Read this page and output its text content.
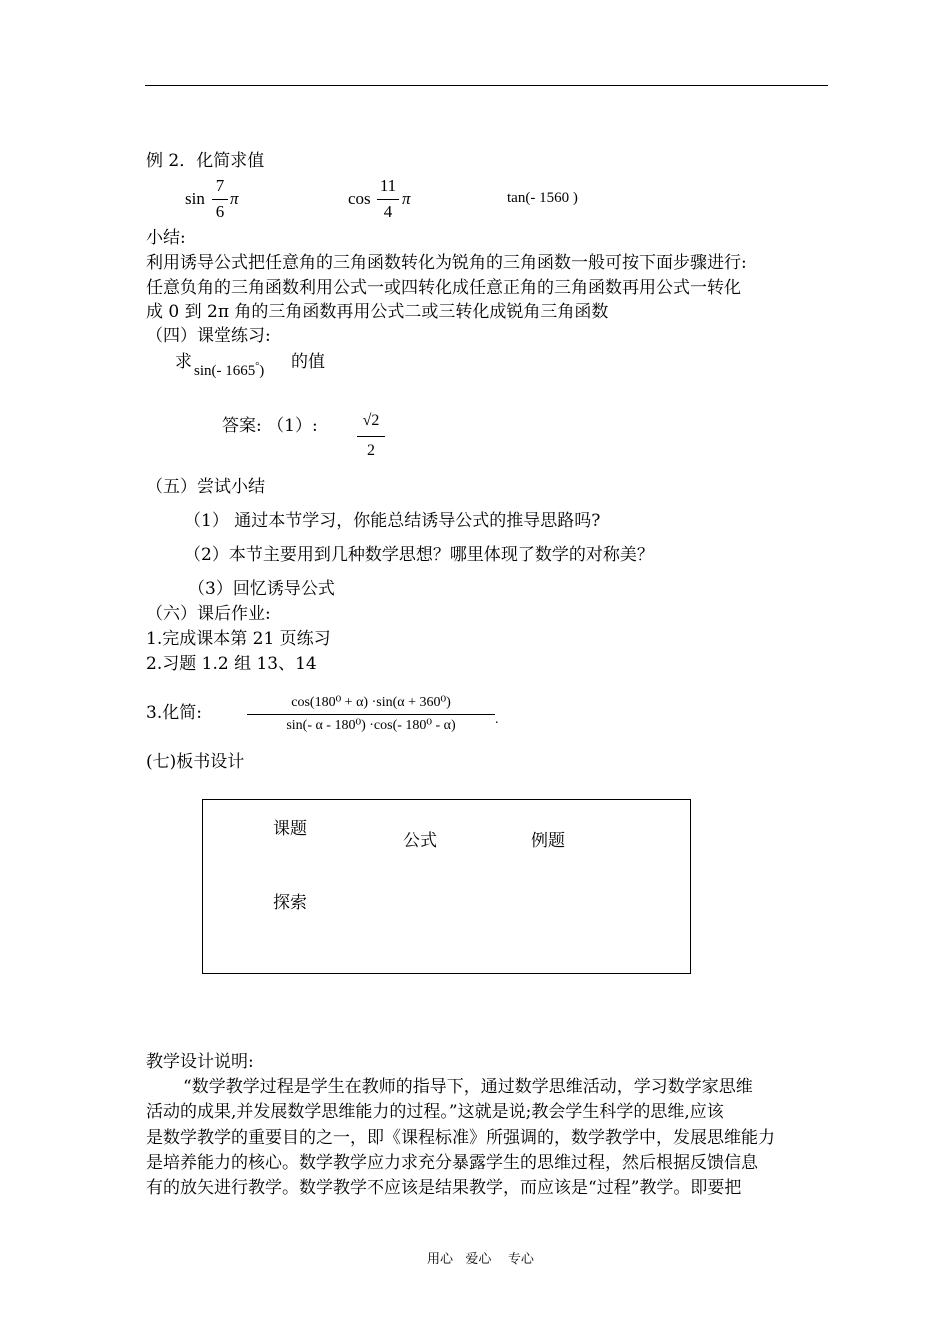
例 2．化简求值
sin
7
6
π	cos
11
4
π	tan(- 1560 )
小结:
利用诱导公式把任意角的三角函数转化为锐角的三角函数一般可按下面步骤进行:
任意负角的三角函数利用公式一或四转化成任意正角的三角函数再用公式一转化
成 0 到 2π 角的三角函数再用公式二或三转化成锐角三角函数
（四）课堂练习:
求 sin(- 1665°) 的值
答案: （1）:	√2
2
（五）尝试小结
（1） 通过本节学习，你能总结诱导公式的推导思路吗?
（2）本节主要用到几种数学思想？哪里体现了数学的对称美？
（3）回忆诱导公式
（六）课后作业:
1.完成课本第 21 页练习
2.习题 1.2 组 13、14
3.化简:
cos(180⁰ + α) ·sin(α + 360⁰)
sin(- α - 180⁰) ·cos(- 180⁰ - α)	.
(七)板书设计
课题
公式	例题
探索
教学设计说明:
“数学教学过程是学生在教师的指导下，通过数学思维活动，学习数学家思维
活动的成果,并发展数学思维能力的过程。”这就是说;教会学生科学的思维,应该
是数学教学的重要目的之一，即《课程标准》所强调的，数学教学中，发展思维能力
是培养能力的核心。数学教学应力求充分暴露学生的思维过程，然后根据反馈信息
有的放矢进行教学。数学教学不应该是结果教学，而应该是“过程”教学。即要把
用心   爱心    专心
